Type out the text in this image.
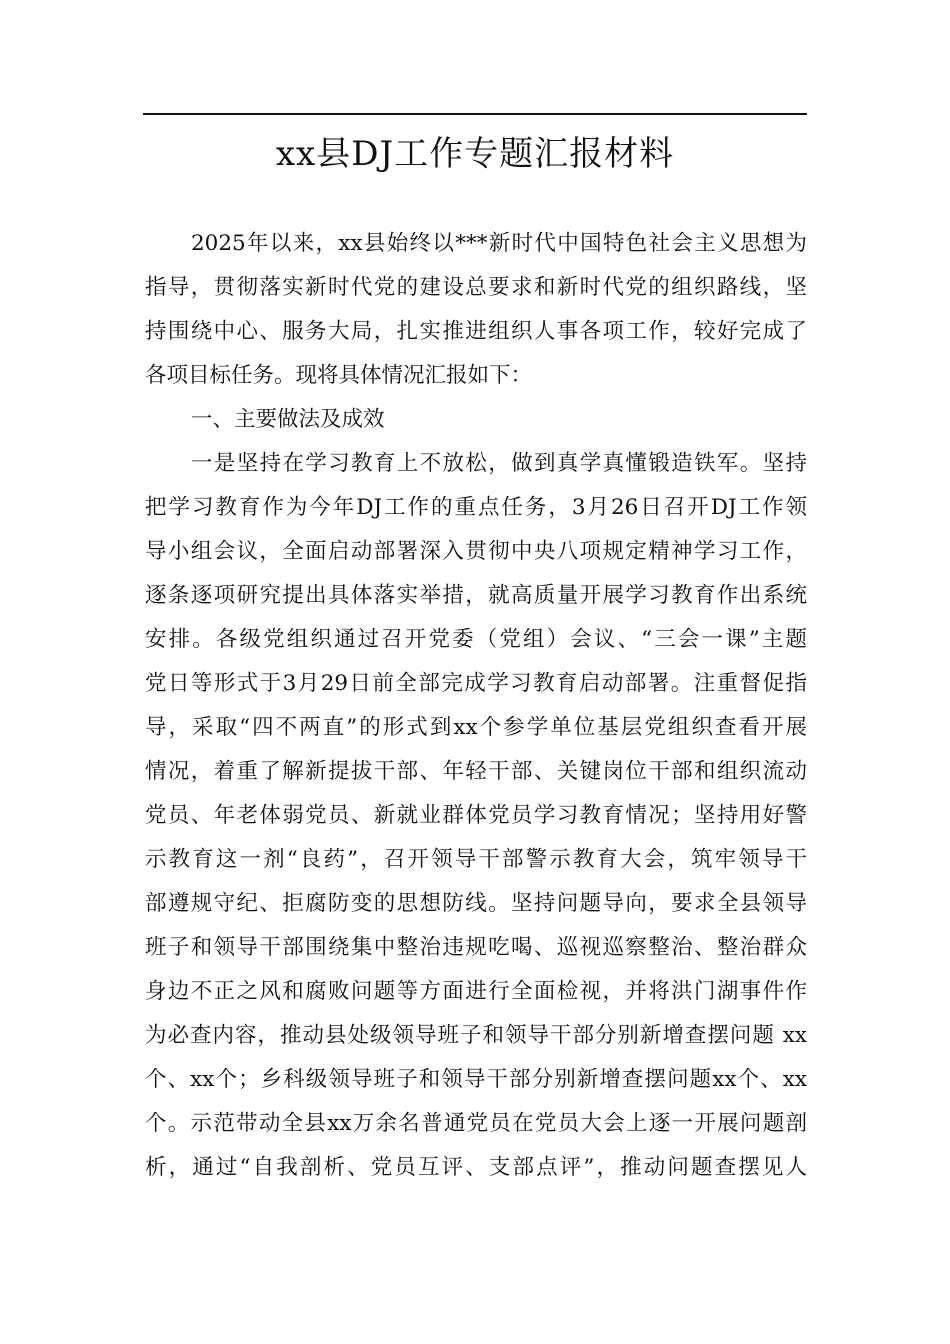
xx县DJ工作专题汇报材料
2025年以来，xx县始终以***新时代中国特色社会主义思想为
指导，贯彻落实新时代党的建设总要求和新时代党的组织路线，坚
持围绕中心、服务大局，扎实推进组织人事各项工作，较好完成了
各项目标任务。现将具体情况汇报如下：
一、主要做法及成效
一是坚持在学习教育上不放松，做到真学真懂锻造铁军。坚持
把学习教育作为今年DJ工作的重点任务，3月26日召开DJ工作领
导小组会议，全面启动部署深入贯彻中央八项规定精神学习工作，
逐条逐项研究提出具体落实举措，就高质量开展学习教育作出系统
安排。各级党组织通过召开党委（党组）会议、“三会一课”主题
党日等形式于3月29日前全部完成学习教育启动部署。注重督促指
导，采取“四不两直”的形式到xx个参学单位基层党组织查看开展
情况，着重了解新提拔干部、年轻干部、关键岗位干部和组织流动
党员、年老体弱党员、新就业群体党员学习教育情况；坚持用好警
示教育这一剂“良药”，召开领导干部警示教育大会，筑牢领导干
部遵规守纪、拒腐防变的思想防线。坚持问题导向，要求全县领导
班子和领导干部围绕集中整治违规吃喝、巡视巡察整治、整治群众
身边不正之风和腐败问题等方面进行全面检视，并将洪门湖事件作
为必查内容，推动县处级领导班子和领导干部分别新增查摆问题 xx
个、xx个；乡科级领导班子和领导干部分别新增查摆问题xx个、xx
个。示范带动全县xx万余名普通党员在党员大会上逐一开展问题剖
析，通过“自我剖析、党员互评、支部点评”，推动问题查摆见人
